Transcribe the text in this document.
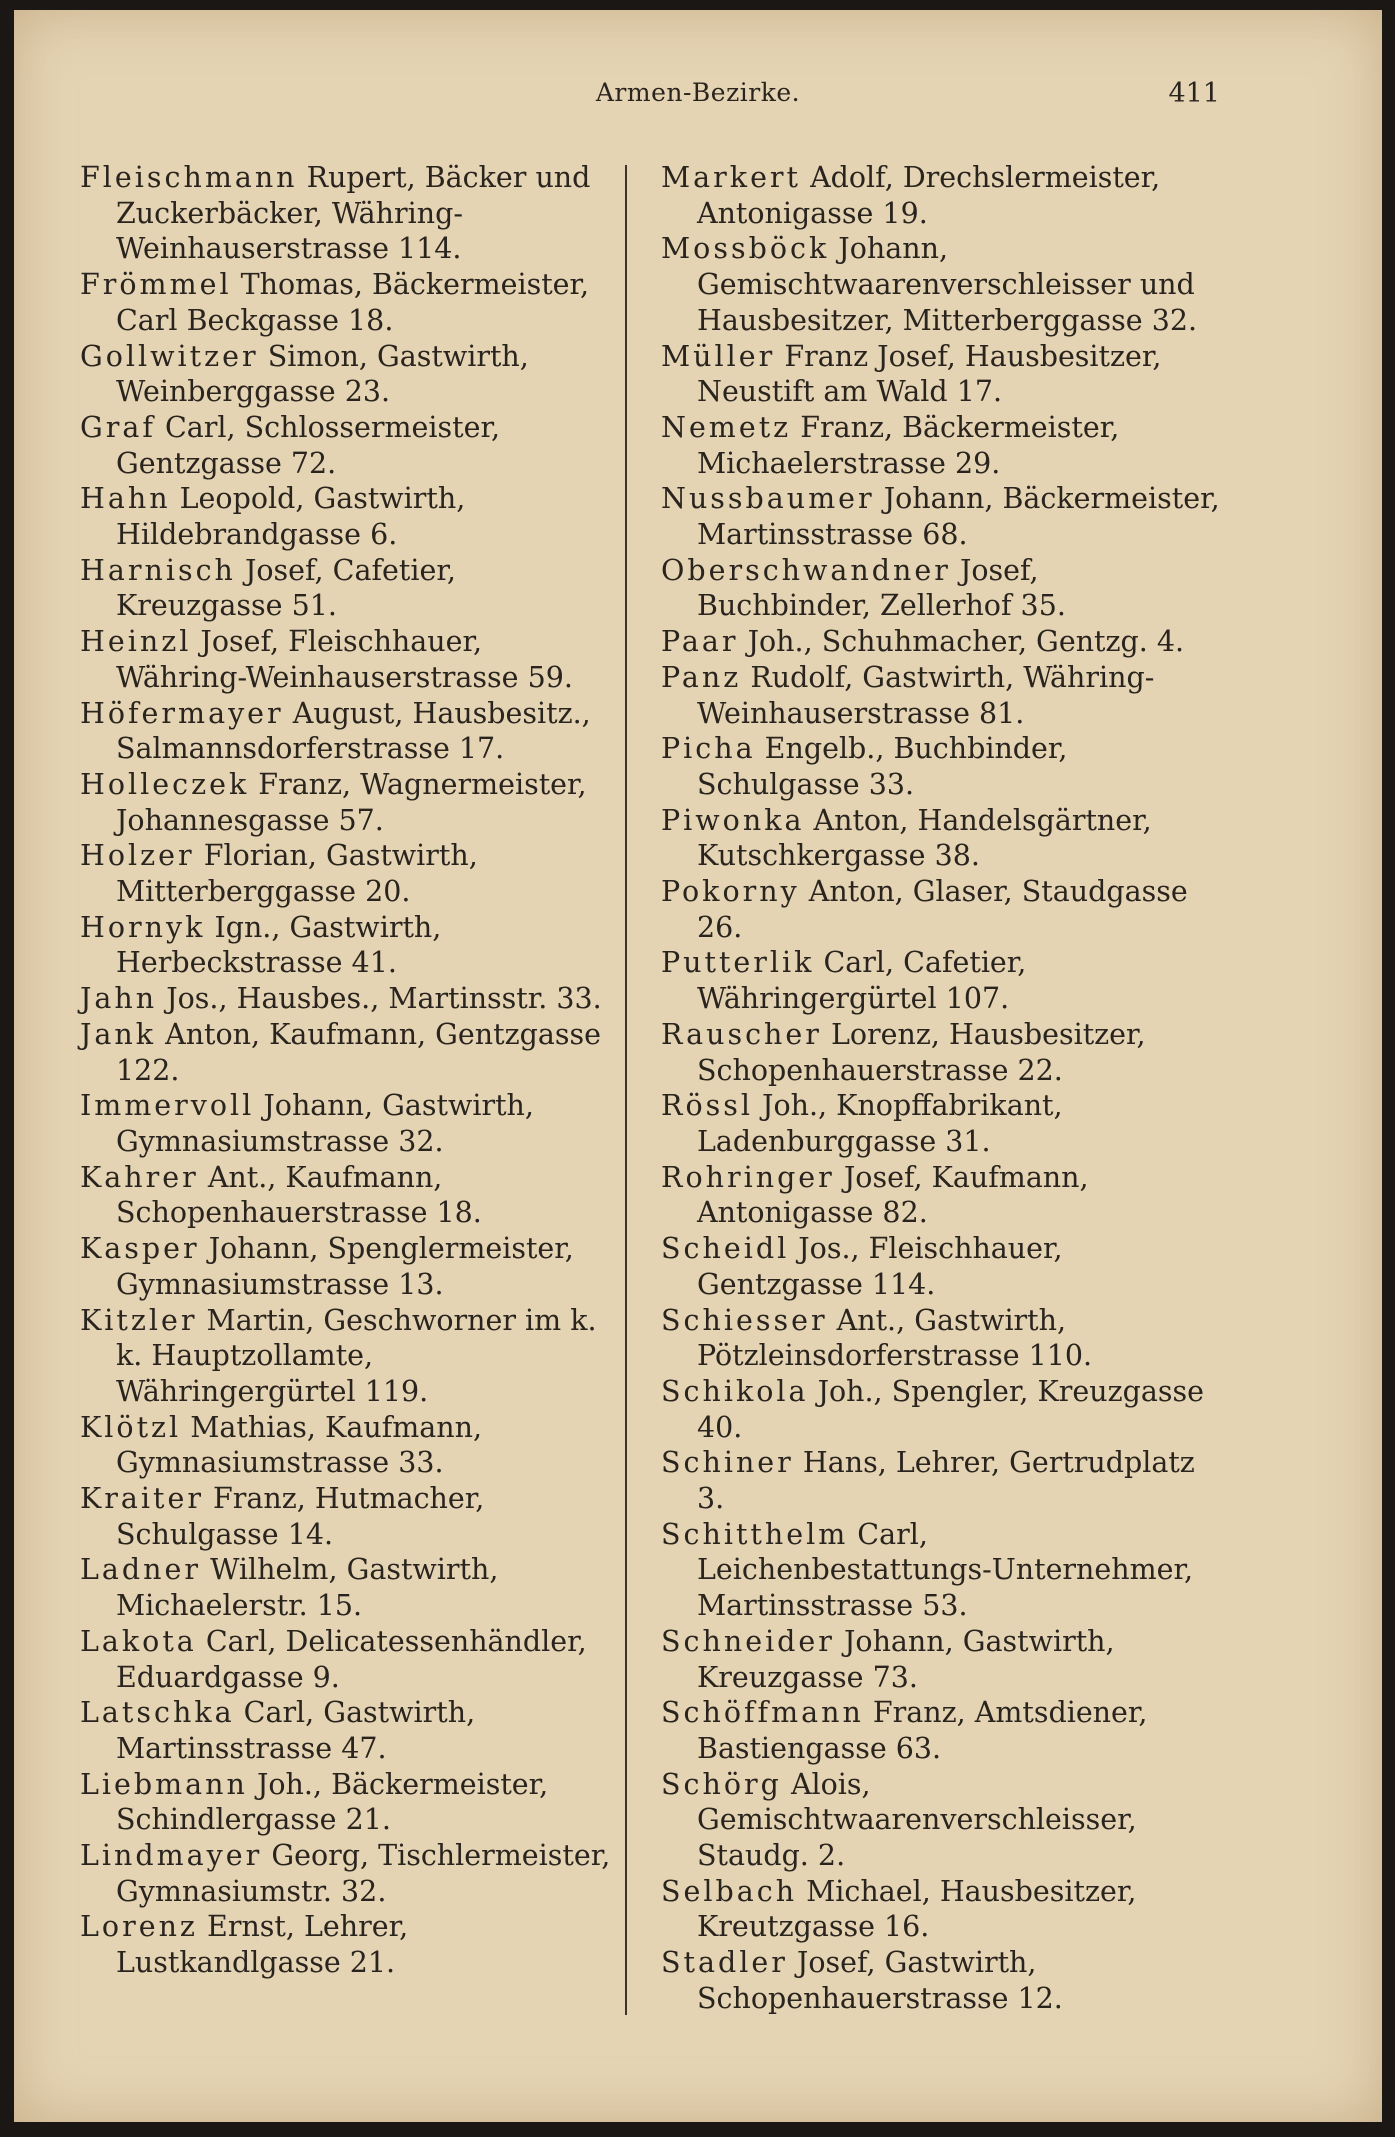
Armen-Bezirke.	411

Fleischmann Rupert, Bäcker und Zuckerbäcker, Währing-Weinhauserstrasse 114.

Frömmel Thomas, Bäckermeister, Carl Beckgasse 18.

Gollwitzer Simon, Gastwirth, Weinberggasse 23.

Graf Carl, Schlossermeister, Gentzgasse 72.

Hahn Leopold, Gastwirth, Hildebrandgasse 6.

Harnisch Josef, Cafetier, Kreuzgasse 51.

Heinzl Josef, Fleischhauer, Währing-Weinhauserstrasse 59.

Höfermayer August, Hausbesitz., Salmannsdorferstrasse 17.

Holleczek Franz, Wagnermeister, Johannesgasse 57.

Holzer Florian, Gastwirth, Mitterberggasse 20.

Hornyk Ign., Gastwirth, Herbeckstrasse 41.

Jahn Jos., Hausbes., Martinsstr. 33.

Jank Anton, Kaufmann, Gentzgasse 122.

Immervoll Johann, Gastwirth, Gymnasiumstrasse 32.

Kahrer Ant., Kaufmann, Schopenhauerstrasse 18.

Kasper Johann, Spenglermeister, Gymnasiumstrasse 13.

Kitzler Martin, Geschworner im k. k. Hauptzollamte, Währingergürtel 119.

Klötzl Mathias, Kaufmann, Gymnasiumstrasse 33.

Kraiter Franz, Hutmacher, Schulgasse 14.

Ladner Wilhelm, Gastwirth, Michaelerstr. 15.

Lakota Carl, Delicatessenhändler, Eduardgasse 9.

Latschka Carl, Gastwirth, Martinsstrasse 47.

Liebmann Joh., Bäckermeister, Schindlergasse 21.

Lindmayer Georg, Tischlermeister, Gymnasiumstr. 32.

Lorenz Ernst, Lehrer, Lustkandlgasse 21.

Markert Adolf, Drechslermeister, Antonigasse 19.

Mossböck Johann, Gemischtwaarenverschleisser und Hausbesitzer, Mitterberggasse 32.

Müller Franz Josef, Hausbesitzer, Neustift am Wald 17.

Nemetz Franz, Bäckermeister, Michaelerstrasse 29.

Nussbaumer Johann, Bäckermeister, Martinsstrasse 68.

Oberschwandner Josef, Buchbinder, Zellerhof 35.

Paar Joh., Schuhmacher, Gentzg. 4.

Panz Rudolf, Gastwirth, Währing-Weinhauserstrasse 81.

Picha Engelb., Buchbinder, Schulgasse 33.

Piwonka Anton, Handelsgärtner, Kutschkergasse 38.

Pokorny Anton, Glaser, Staudgasse 26.

Putterlik Carl, Cafetier, Währingergürtel 107.

Rauscher Lorenz, Hausbesitzer, Schopenhauerstrasse 22.

Rössl Joh., Knopffabrikant, Ladenburggasse 31.

Rohringer Josef, Kaufmann, Antonigasse 82.

Scheidl Jos., Fleischhauer, Gentzgasse 114.

Schiesser Ant., Gastwirth, Pötzleinsdorferstrasse 110.

Schikola Joh., Spengler, Kreuzgasse 40.

Schiner Hans, Lehrer, Gertrudplatz 3.

Schitthelm Carl, Leichenbestattungs-Unternehmer, Martinsstrasse 53.

Schneider Johann, Gastwirth, Kreuzgasse 73.

Schöffmann Franz, Amtsdiener, Bastiengasse 63.

Schörg Alois, Gemischtwaarenverschleisser, Staudg. 2.

Selbach Michael, Hausbesitzer, Kreutzgasse 16.

Stadler Josef, Gastwirth, Schopenhauerstrasse 12.
